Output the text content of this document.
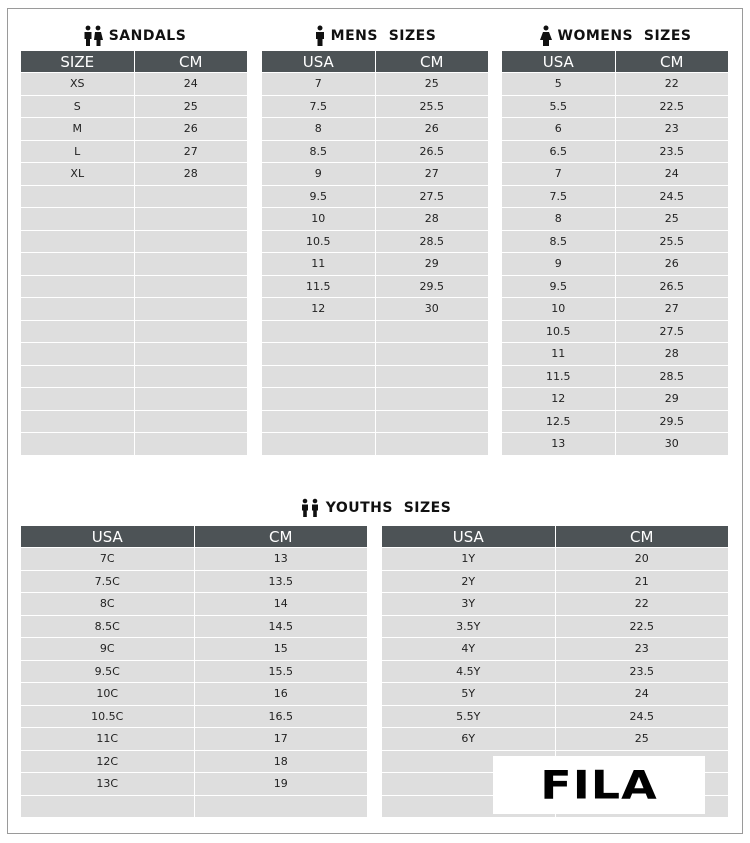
SANDALS
SIZE	CM
XS	24
S	25
M	26
L	27
XL	28

MENS  SIZES
USA	CM
7	25
7.5	25.5
8	26
8.5	26.5
9	27
9.5	27.5
10	28
10.5	28.5
11	29
11.5	29.5
12	30

WOMENS  SIZES
USA	CM
5	22
5.5	22.5
6	23
6.5	23.5
7	24
7.5	24.5
8	25
8.5	25.5
9	26
9.5	26.5
10	27
10.5	27.5
11	28
11.5	28.5
12	29
12.5	29.5
13	30
YOUTHS  SIZES
USA	CM
7C	13
7.5C	13.5
8C	14
8.5C	14.5
9C	15
9.5C	15.5
10C	16
10.5C	16.5
11C	17
12C	18
13C	19

USA	CM
1Y	20
2Y	21
3Y	22
3.5Y	22.5
4Y	23
4.5Y	23.5
5Y	24
5.5Y	24.5
6Y	25

FILA
